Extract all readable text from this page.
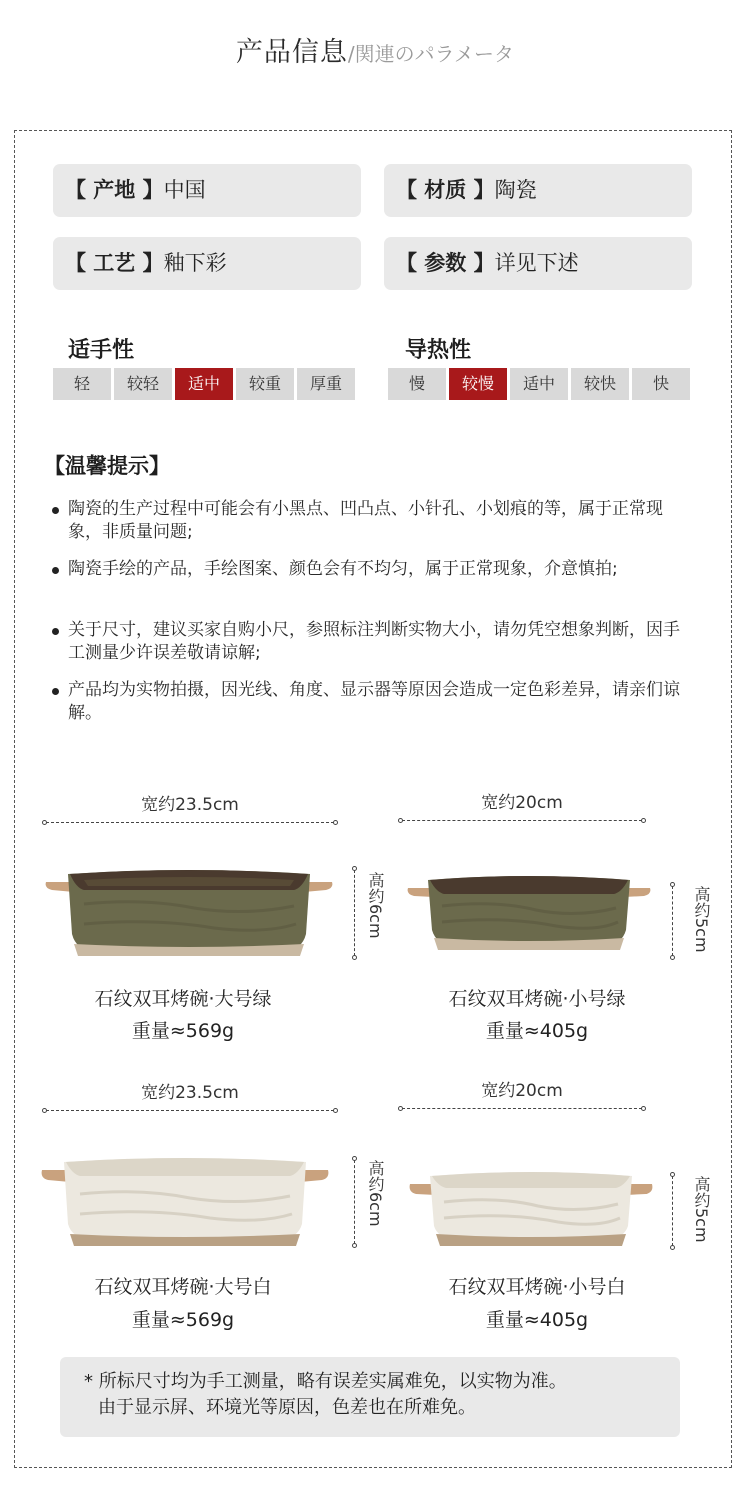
产品信息/関連のパラメータ
【 产地 】中国	【 材质 】陶瓷
【 工艺 】釉下彩	【 参数 】详见下述
适手性
轻	较轻	适中	较重	厚重
导热性
慢	较慢	适中	较快	快
【温馨提示】
陶瓷的生产过程中可能会有小黑点、凹凸点、小针孔、小划痕的等，属于正常现象，非质量问题;
陶瓷手绘的产品，手绘图案、颜色会有不均匀，属于正常现象，介意慎拍;
关于尺寸，建议买家自购小尺，参照标注判断实物大小，请勿凭空想象判断，因手工测量少许误差敬请谅解;
产品均为实物拍摄，因光线、角度、显示器等原因会造成一定色彩差异，请亲们谅解。
宽约23.5cm
高约6cm
石纹双耳烤碗·大号绿
重量≈569g
宽约20cm
高约5cm
石纹双耳烤碗·小号绿
重量≈405g
宽约23.5cm
高约6cm
石纹双耳烤碗·大号白
重量≈569g
宽约20cm
高约5cm
石纹双耳烤碗·小号白
重量≈405g
* 所标尺寸均为手工测量，略有误差实属难免，以实物为准。
由于显示屏、环境光等原因，色差也在所难免。
